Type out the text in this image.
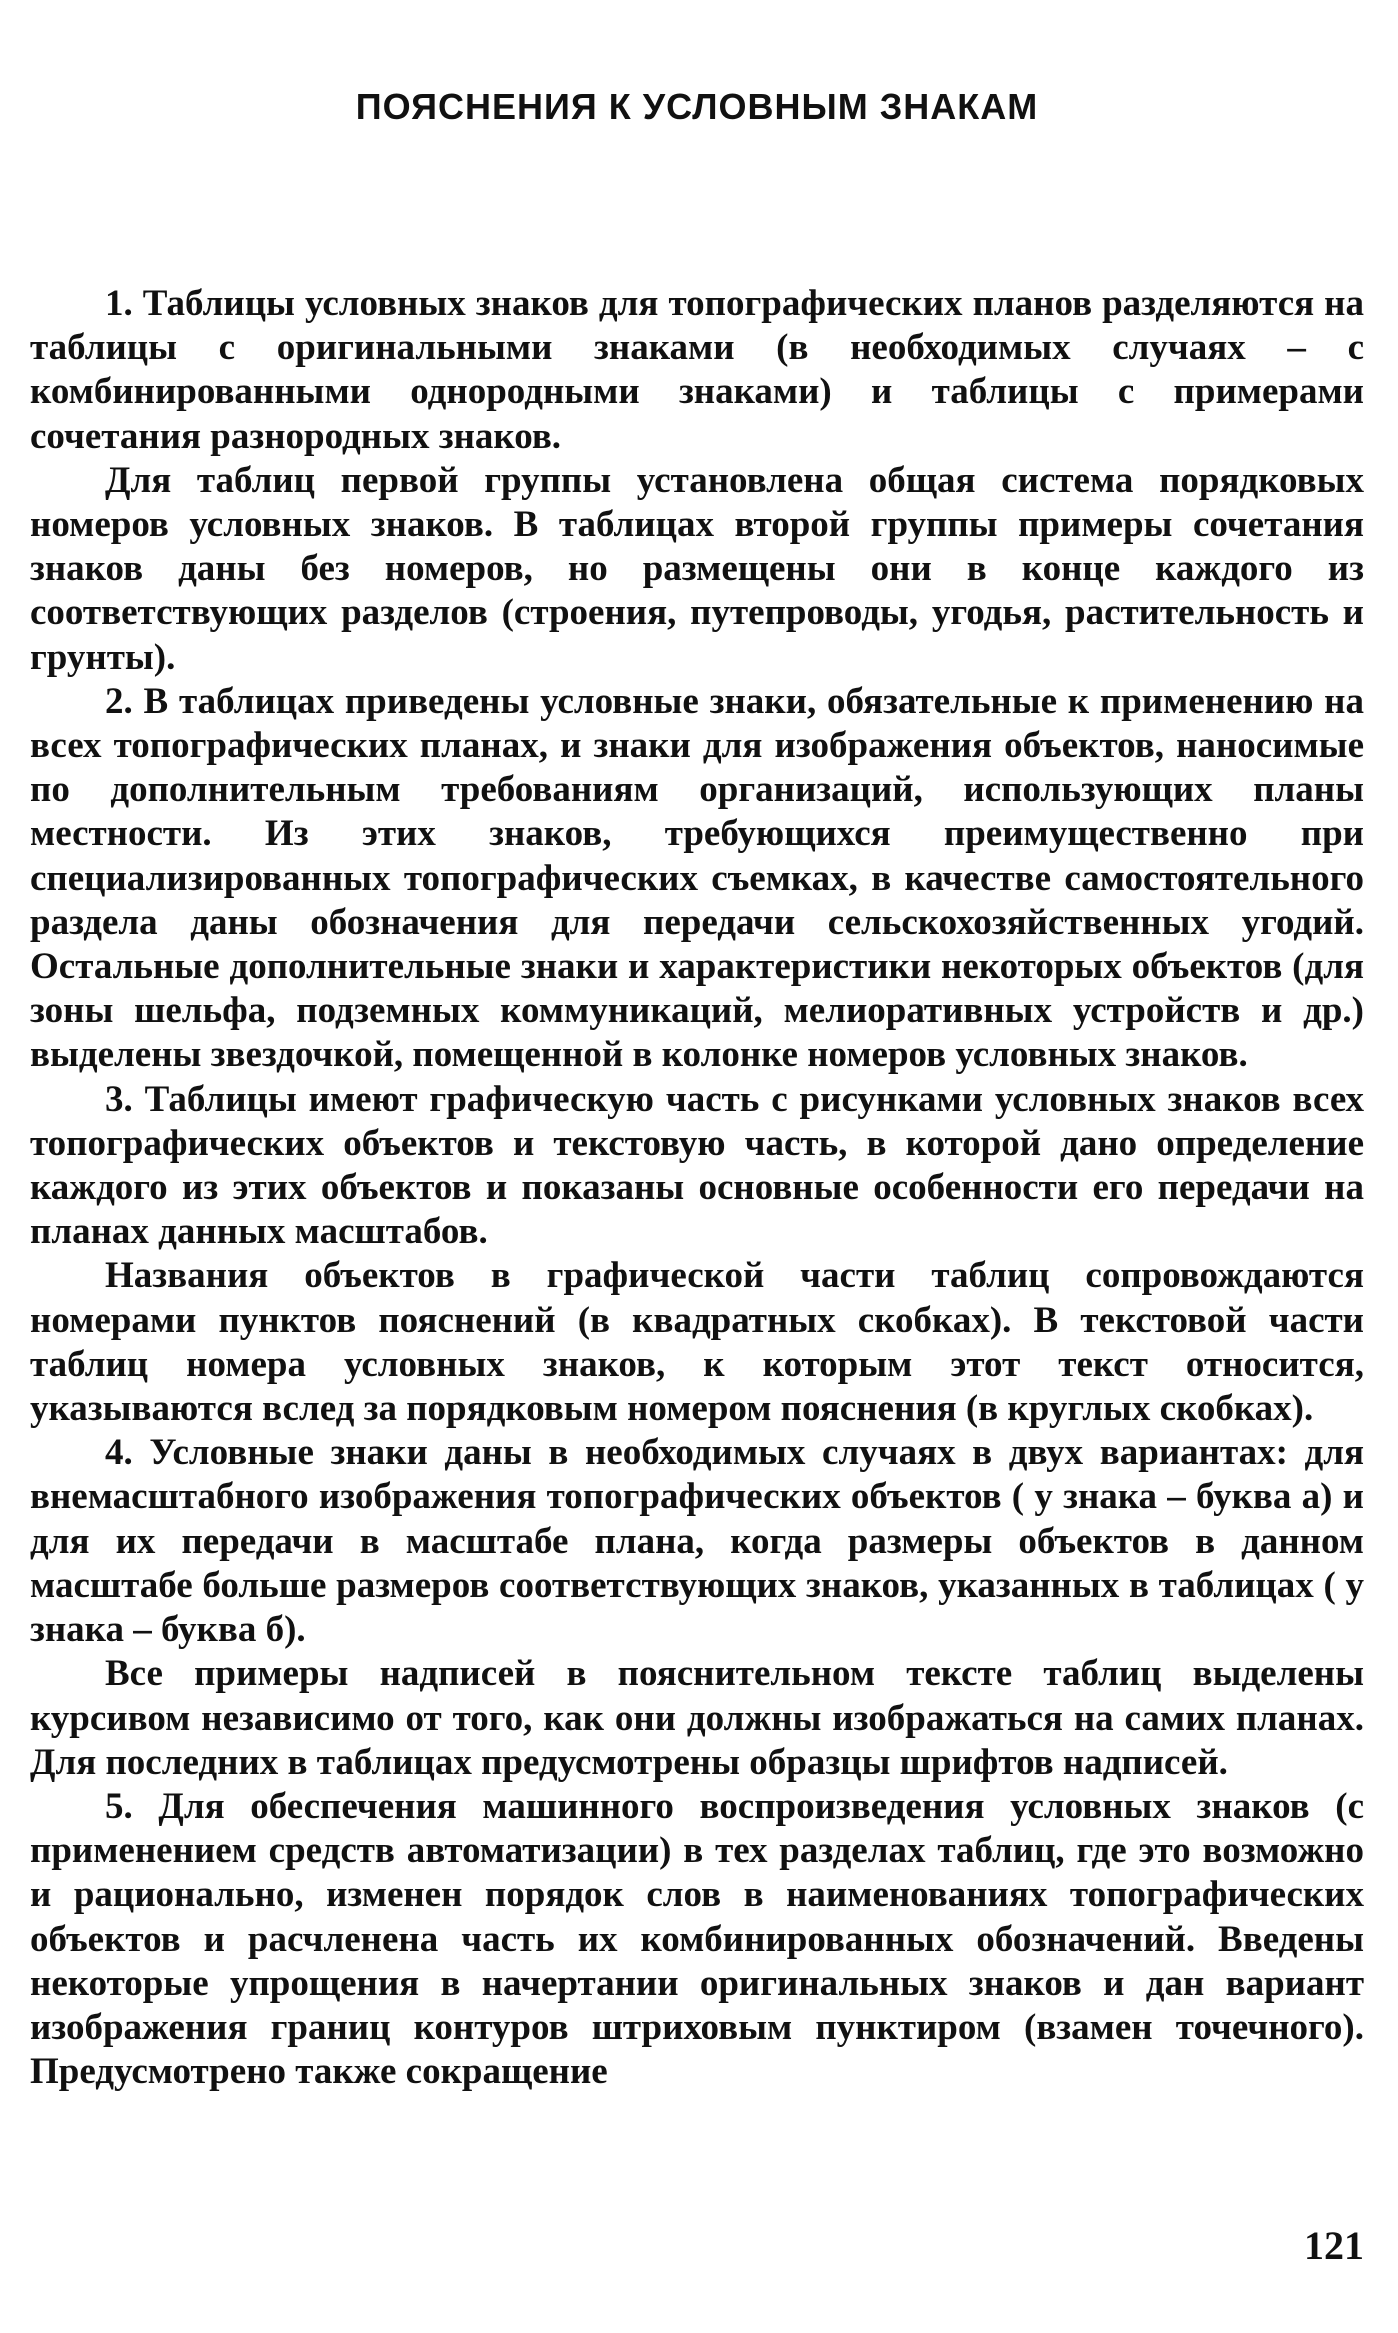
ПОЯСНЕНИЯ К УСЛОВНЫМ ЗНАКАМ

1. Таблицы условных знаков для топографических планов разделяются на таблицы с оригинальными знаками (в необходимых случаях – с комбинированными однородными знаками) и таблицы с примерами сочетания разнородных знаков.

Для таблиц первой группы установлена общая система порядковых номеров условных знаков. В таблицах второй группы примеры сочетания знаков даны без номеров, но размещены они в конце каждого из соответствующих разделов (строения, путепроводы, угодья, растительность и грунты).

2. В таблицах приведены условные знаки, обязательные к применению на всех топографических планах, и знаки для изображения объектов, наносимые по дополнительным требованиям организаций, использующих планы местности. Из этих знаков, требующихся преимущественно при специализированных топографических съемках, в качестве самостоятельного раздела даны обозначения для передачи сельскохозяйственных угодий. Остальные дополнительные знаки и характеристики некоторых объектов (для зоны шельфа, подземных коммуникаций, мелиоративных устройств и др.) выделены звездочкой, помещенной в колонке номеров условных знаков.

3. Таблицы имеют графическую часть с рисунками условных знаков всех топографических объектов и текстовую часть, в которой дано определение каждого из этих объектов и показаны основные особенности его передачи на планах данных масштабов.

Названия объектов в графической части таблиц сопровождаются номерами пунктов пояснений (в квадратных скобках). В текстовой части таблиц номера условных знаков, к которым этот текст относится, указываются вслед за порядковым номером пояснения (в круглых скобках).

4. Условные знаки даны в необходимых случаях в двух вариантах: для внемасштабного изображения топографических объектов ( у знака – буква а) и для их передачи в масштабе плана, когда размеры объектов в данном масштабе больше размеров соответствующих знаков, указанных в таблицах ( у знака – буква б).

Все примеры надписей в пояснительном тексте таблиц выделены курсивом независимо от того, как они должны изображаться на самих планах. Для последних в таблицах предусмотрены образцы шрифтов надписей.

5. Для обеспечения машинного воспроизведения условных знаков (с применением средств автоматизации) в тех разделах таблиц, где это возможно и рационально, изменен порядок слов в наименованиях топографических объектов и расчленена часть их комбинированных обозначений. Введены некоторые упрощения в начертании оригинальных знаков и дан вариант изображения границ контуров штриховым пунктиром (взамен точечного). Предусмотрено также сокращение

121
